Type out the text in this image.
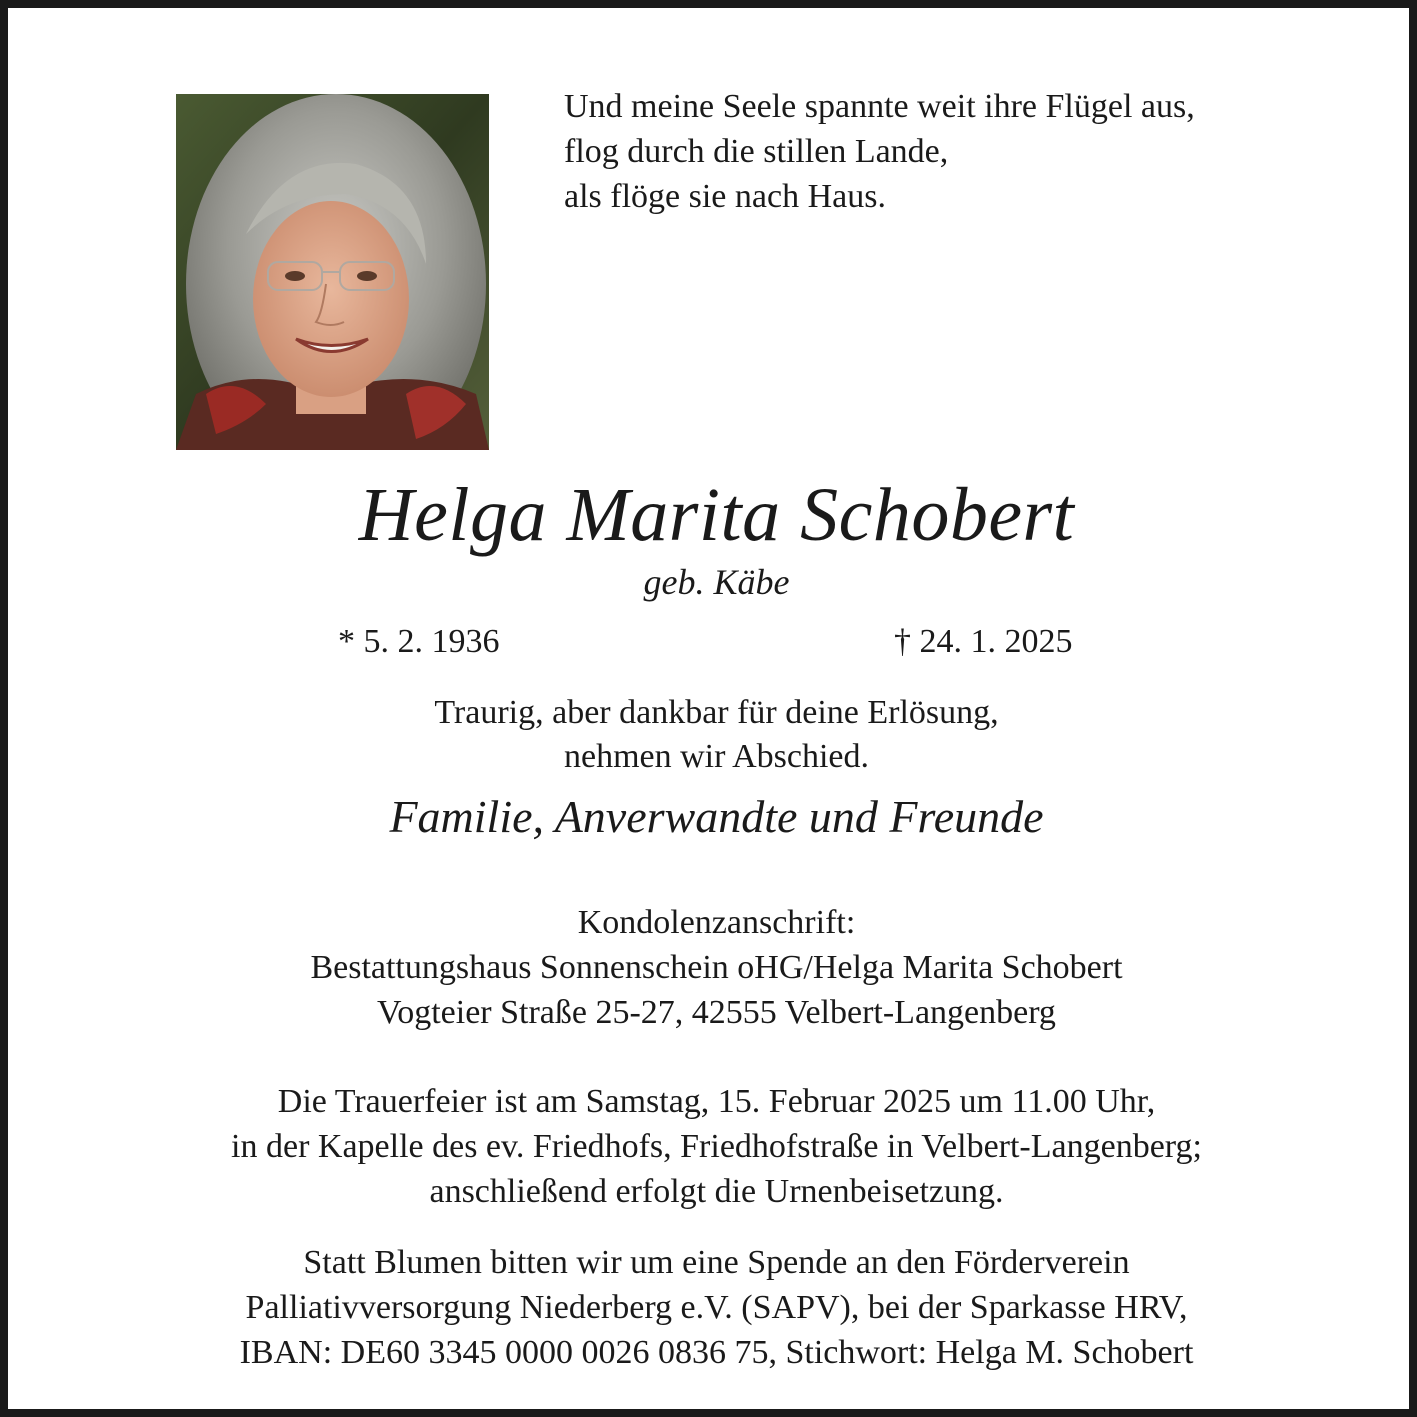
Und meine Seele spannte weit ihre Flügel aus,
flog durch die stillen Lande,
als flöge sie nach Haus.
Helga Marita Schobert
geb. Käbe
* 5. 2. 1936	† 24. 1. 2025
Traurig, aber dankbar für deine Erlösung,
nehmen wir Abschied.
Familie, Anverwandte und Freunde
Kondolenzanschrift:
Bestattungshaus Sonnenschein oHG/Helga Marita Schobert
Vogteier Straße 25-27, 42555 Velbert-Langenberg
Die Trauerfeier ist am Samstag, 15. Februar 2025 um 11.00 Uhr,
in der Kapelle des ev. Friedhofs, Friedhofstraße in Velbert-Langenberg;
anschließend erfolgt die Urnenbeisetzung.
Statt Blumen bitten wir um eine Spende an den Förderverein
Palliativversorgung Niederberg e.V. (SAPV), bei der Sparkasse HRV,
IBAN: DE60 3345 0000 0026 0836 75, Stichwort: Helga M. Schobert
